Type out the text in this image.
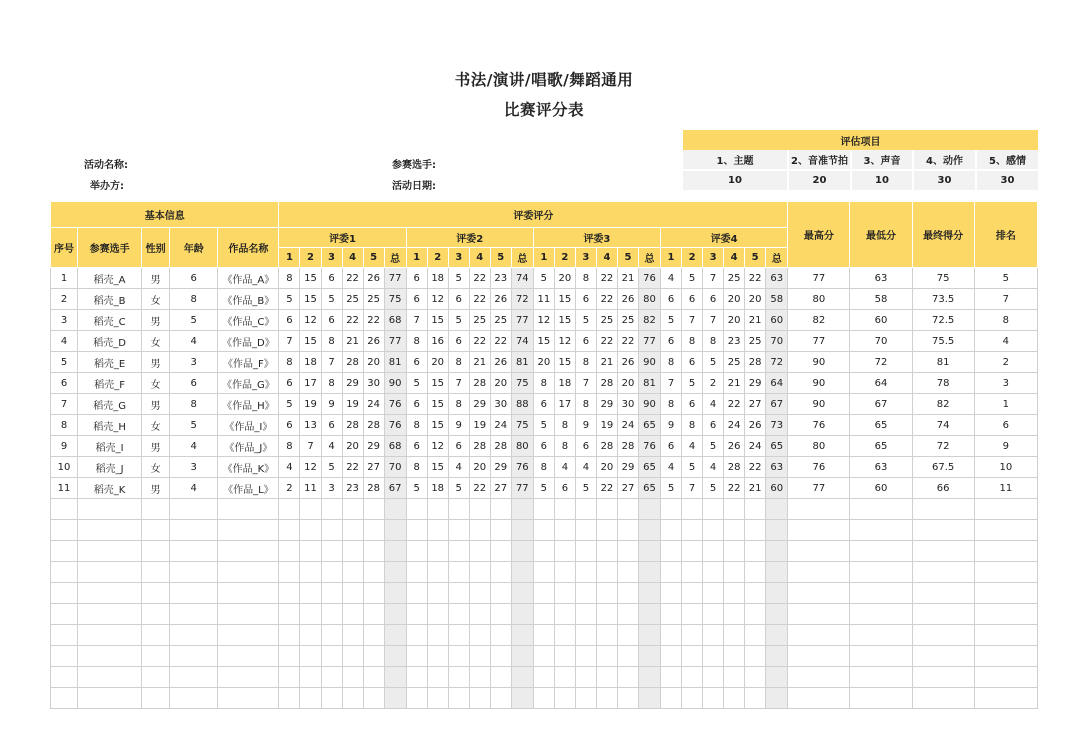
书法/演讲/唱歌/舞蹈通用
比赛评分表
活动名称:
举办方:
参赛选手:
活动日期:
评估项目				
1、主题	2、音准节拍	3、声音	4、动作	5、感情
10	20	10	30	30
基本信息					评委评分																								最高分	最低分	最终得分	排名
序号	参赛选手	性别	年龄	作品名称	评委1						评委2						评委3						评委4									
					1	2	3	4	5	总	1	2	3	4	5	总	1	2	3	4	5	总	1	2	3	4	5	总				
1	稻壳_A	男	6	《作品_A》	8	15	6	22	26	77	6	18	5	22	23	74	5	20	8	22	21	76	4	5	7	25	22	63	77	63	75	5
2	稻壳_B	女	8	《作品_B》	5	15	5	25	25	75	6	12	6	22	26	72	11	15	6	22	26	80	6	6	6	20	20	58	80	58	73.5	7
3	稻壳_C	男	5	《作品_C》	6	12	6	22	22	68	7	15	5	25	25	77	12	15	5	25	25	82	5	7	7	20	21	60	82	60	72.5	8
4	稻壳_D	女	4	《作品_D》	7	15	8	21	26	77	8	16	6	22	22	74	15	12	6	22	22	77	6	8	8	23	25	70	77	70	75.5	4
5	稻壳_E	男	3	《作品_F》	8	18	7	28	20	81	6	20	8	21	26	81	20	15	8	21	26	90	8	6	5	25	28	72	90	72	81	2
6	稻壳_F	女	6	《作品_G》	6	17	8	29	30	90	5	15	7	28	20	75	8	18	7	28	20	81	7	5	2	21	29	64	90	64	78	3
7	稻壳_G	男	8	《作品_H》	5	19	9	19	24	76	6	15	8	29	30	88	6	17	8	29	30	90	8	6	4	22	27	67	90	67	82	1
8	稻壳_H	女	5	《作品_I》	6	13	6	28	28	76	8	15	9	19	24	75	5	8	9	19	24	65	9	8	6	24	26	73	76	65	74	6
9	稻壳_I	男	4	《作品_J》	8	7	4	20	29	68	6	12	6	28	28	80	6	8	6	28	28	76	6	4	5	26	24	65	80	65	72	9
10	稻壳_J	女	3	《作品_K》	4	12	5	22	27	70	8	15	4	20	29	76	8	4	4	20	29	65	4	5	4	28	22	63	76	63	67.5	10
11	稻壳_K	男	4	《作品_L》	2	11	3	23	28	67	5	18	5	22	27	77	5	6	5	22	27	65	5	7	5	22	21	60	77	60	66	11
